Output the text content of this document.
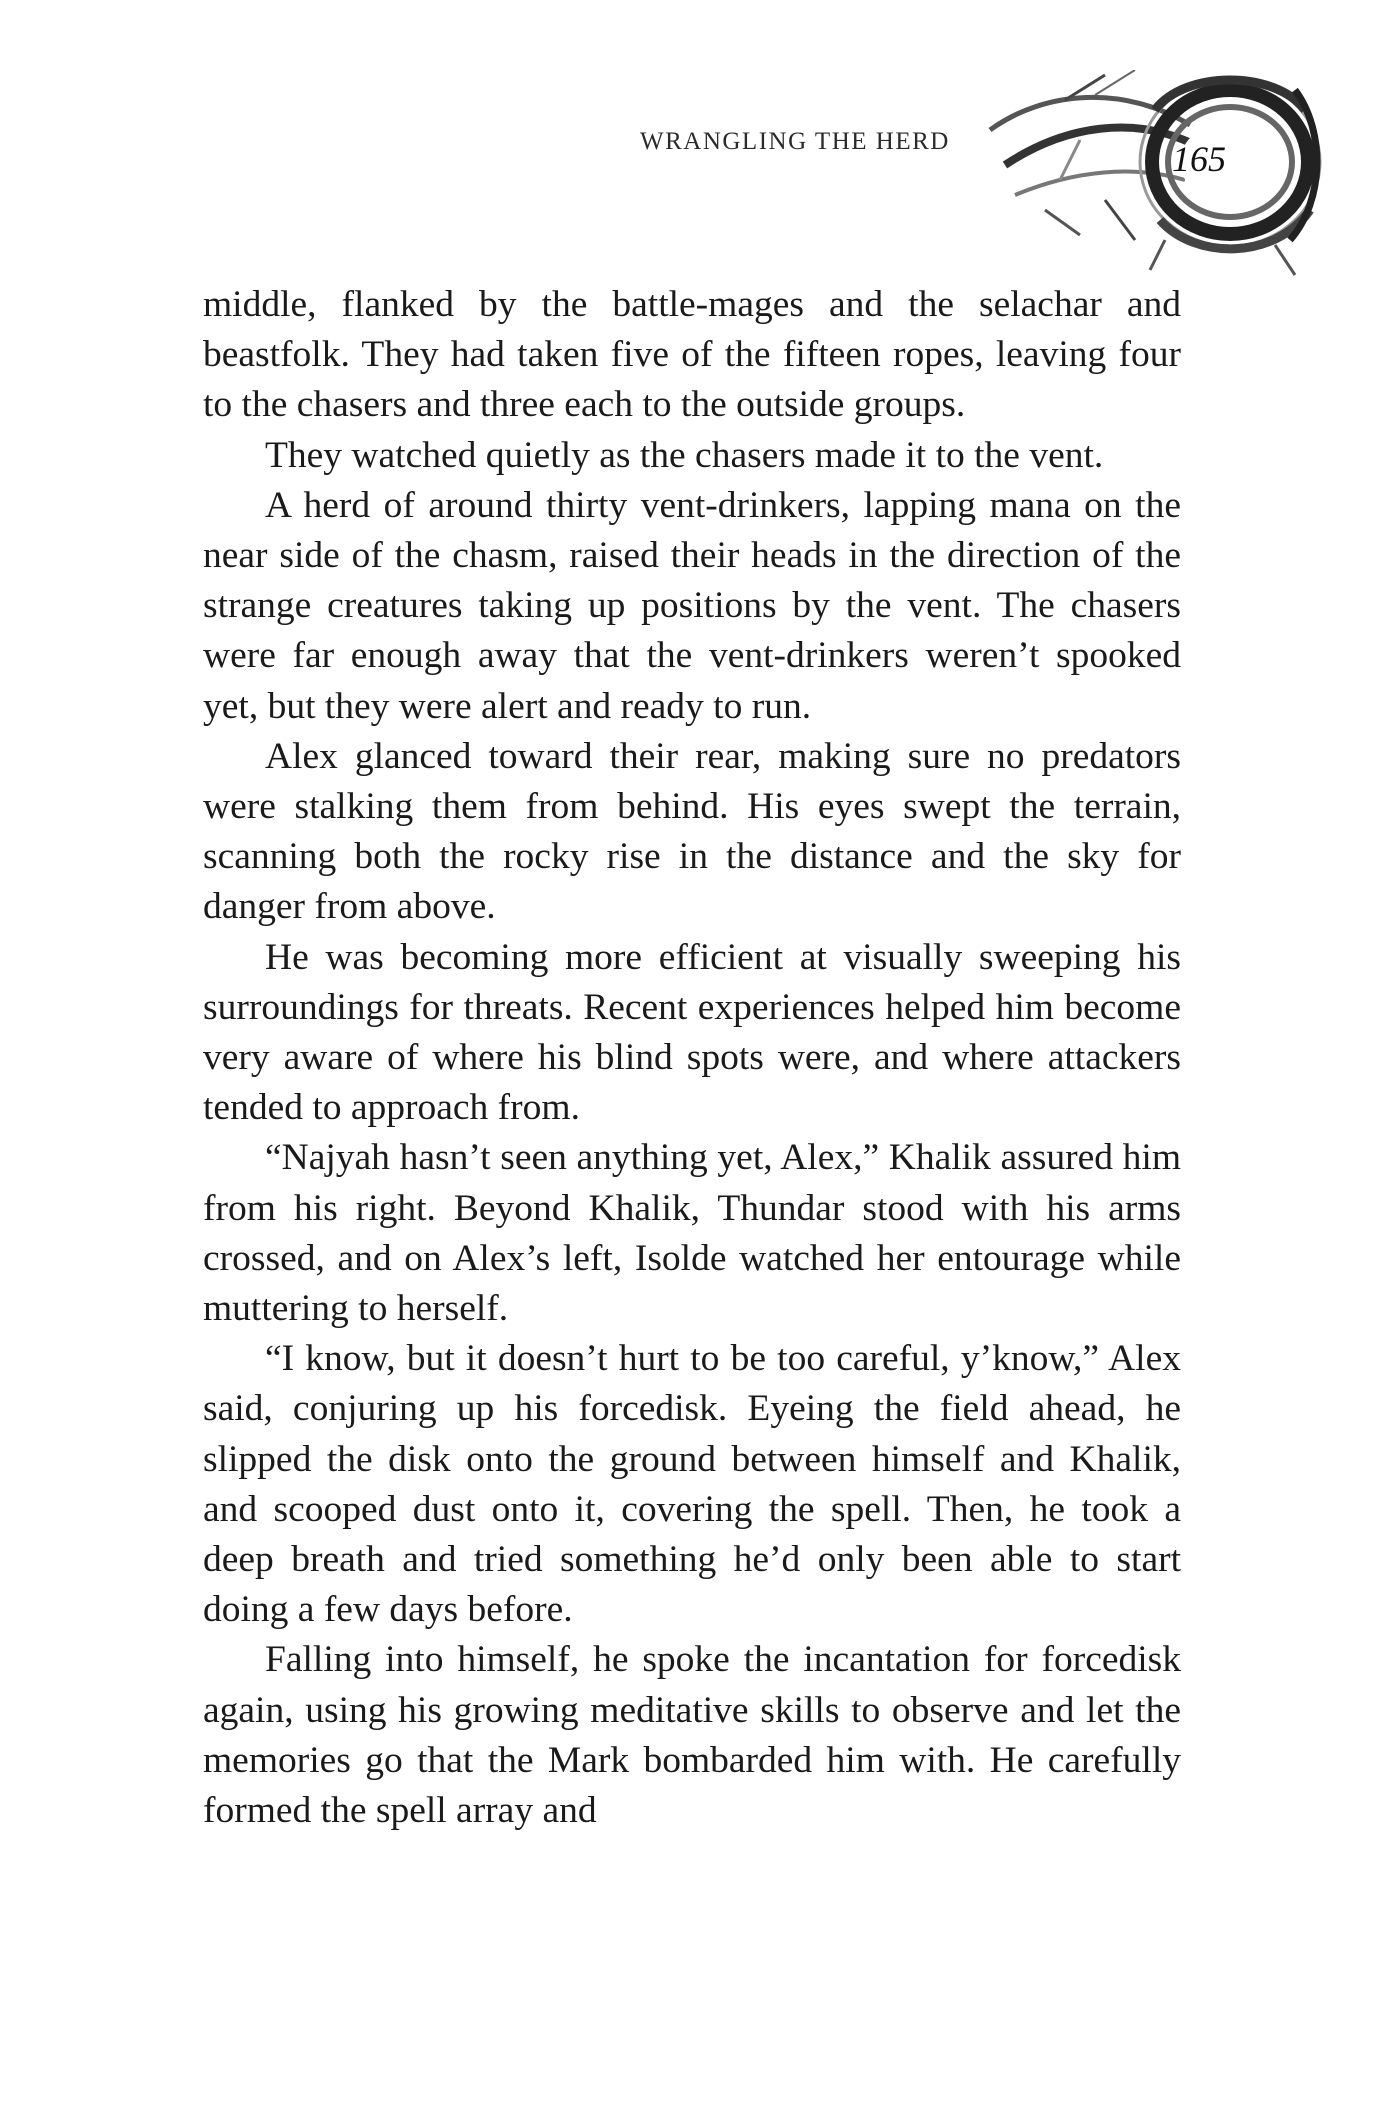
WRANGLING THE HERD	165

middle, flanked by the battle-mages and the selachar and beastfolk. They had taken five of the fifteen ropes, leaving four to the chasers and three each to the outside groups.

They watched quietly as the chasers made it to the vent.

A herd of around thirty vent-drinkers, lapping mana on the near side of the chasm, raised their heads in the direction of the strange creatures taking up positions by the vent. The chasers were far enough away that the vent-drinkers weren’t spooked yet, but they were alert and ready to run.

Alex glanced toward their rear, making sure no predators were stalking them from behind. His eyes swept the terrain, scanning both the rocky rise in the distance and the sky for danger from above.

He was becoming more efficient at visually sweeping his surroundings for threats. Recent experiences helped him become very aware of where his blind spots were, and where attackers tended to approach from.

“Najyah hasn’t seen anything yet, Alex,” Khalik assured him from his right. Beyond Khalik, Thundar stood with his arms crossed, and on Alex’s left, Isolde watched her entourage while muttering to herself.

“I know, but it doesn’t hurt to be too careful, y’know,” Alex said, conjuring up his forcedisk. Eyeing the field ahead, he slipped the disk onto the ground between himself and Khalik, and scooped dust onto it, covering the spell. Then, he took a deep breath and tried something he’d only been able to start doing a few days before.

Falling into himself, he spoke the incantation for forcedisk again, using his growing meditative skills to observe and let the memories go that the Mark bombarded him with. He carefully formed the spell array and
